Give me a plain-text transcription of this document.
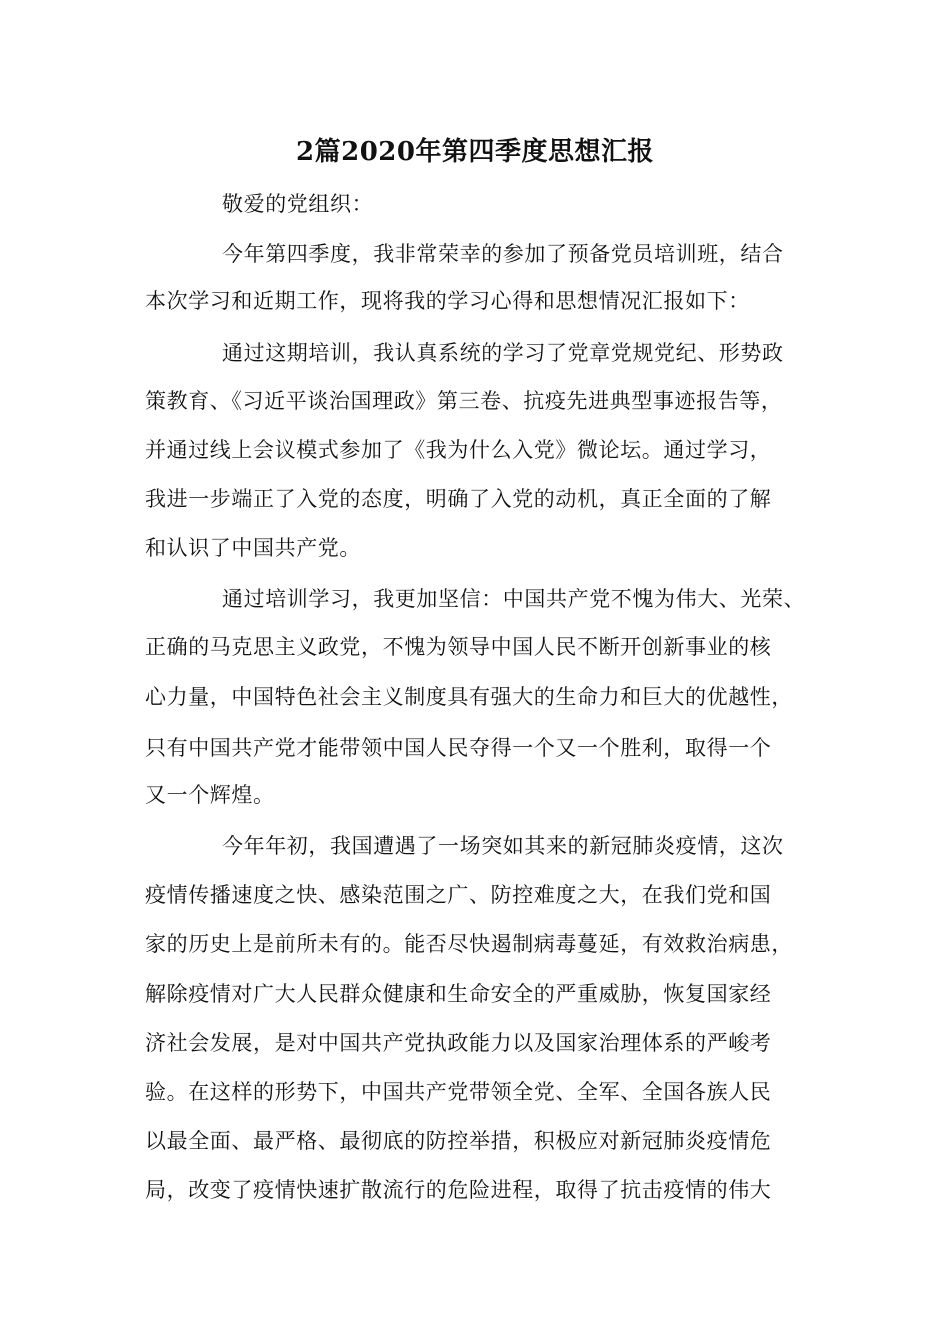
2篇2020年第四季度思想汇报
敬爱的党组织：
今年第四季度，我非常荣幸的参加了预备党员培训班，结合
本次学习和近期工作，现将我的学习心得和思想情况汇报如下：
通过这期培训，我认真系统的学习了党章党规党纪、形势政
策教育、《习近平谈治国理政》第三卷、抗疫先进典型事迹报告等，
并通过线上会议模式参加了《我为什么入党》微论坛。通过学习，
我进一步端正了入党的态度，明确了入党的动机，真正全面的了解
和认识了中国共产党。
通过培训学习，我更加坚信：中国共产党不愧为伟大、光荣、
正确的马克思主义政党，不愧为领导中国人民不断开创新事业的核
心力量，中国特色社会主义制度具有强大的生命力和巨大的优越性，
只有中国共产党才能带领中国人民夺得一个又一个胜利，取得一个
又一个辉煌。
今年年初，我国遭遇了一场突如其来的新冠肺炎疫情，这次
疫情传播速度之快、感染范围之广、防控难度之大，在我们党和国
家的历史上是前所未有的。能否尽快遏制病毒蔓延，有效救治病患，
解除疫情对广大人民群众健康和生命安全的严重威胁，恢复国家经
济社会发展，是对中国共产党执政能力以及国家治理体系的严峻考
验。在这样的形势下，中国共产党带领全党、全军、全国各族人民
以最全面、最严格、最彻底的防控举措，积极应对新冠肺炎疫情危
局，改变了疫情快速扩散流行的危险进程，取得了抗击疫情的伟大
